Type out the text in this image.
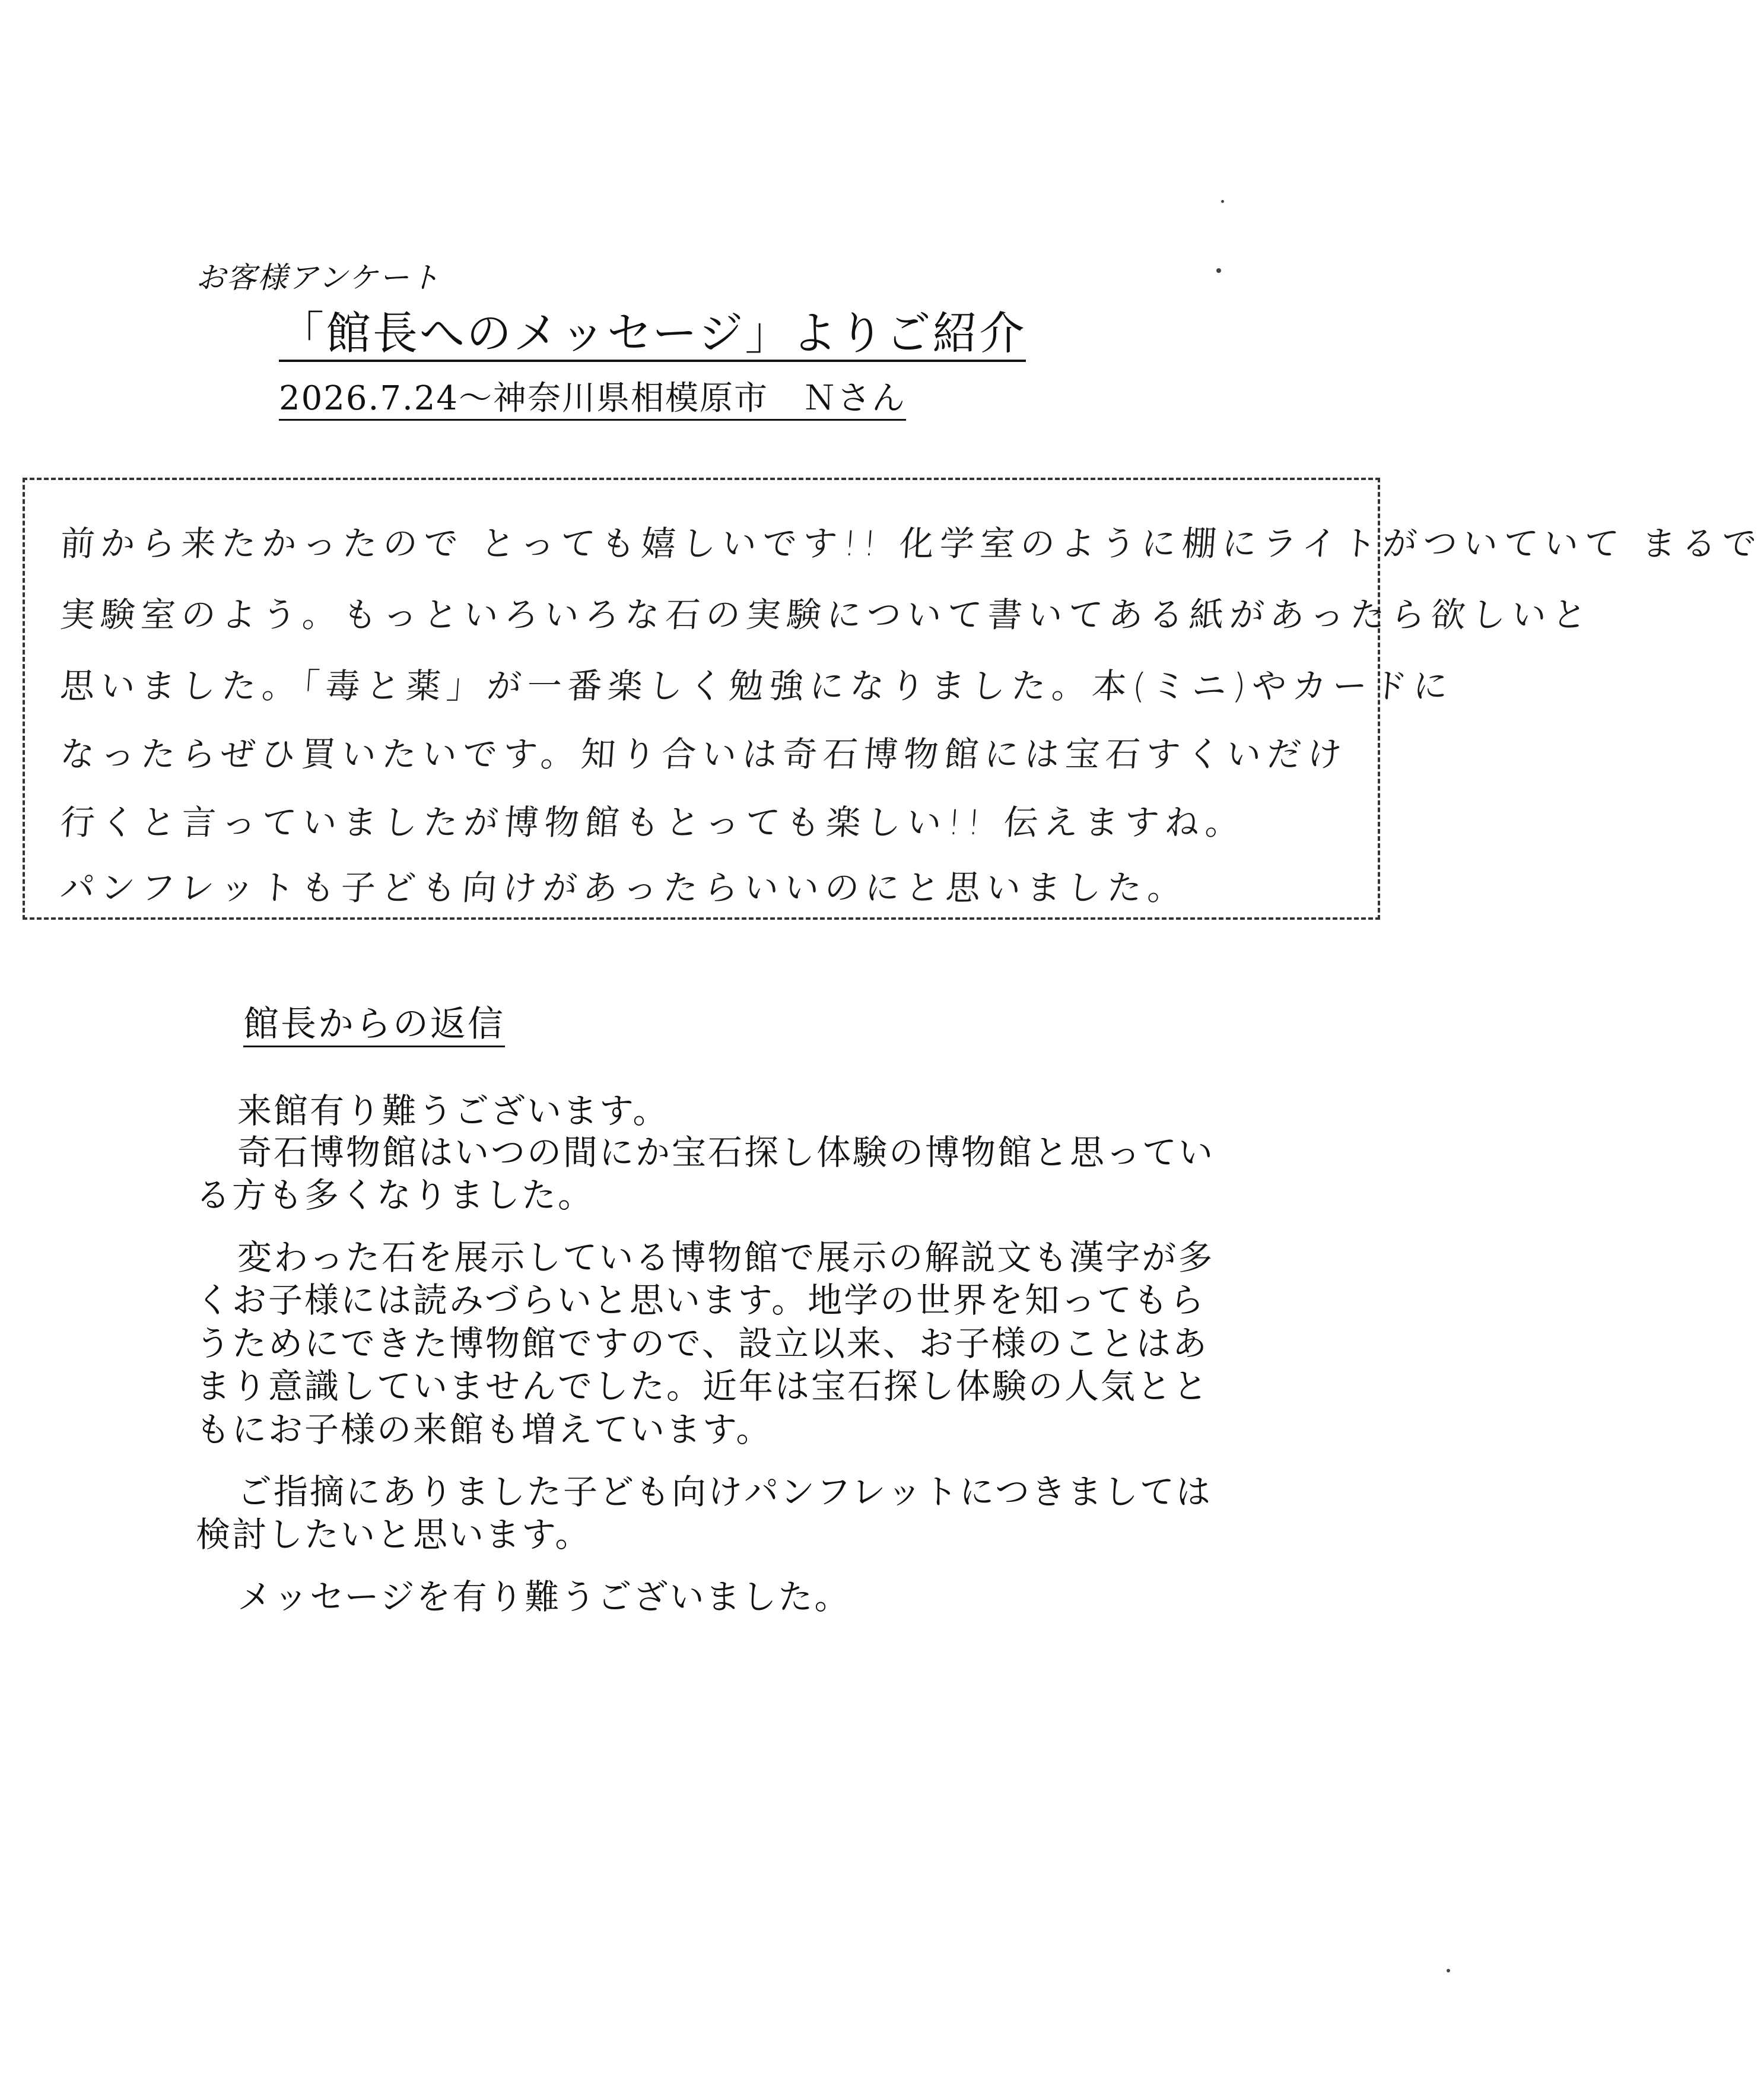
お客様アンケート
「館長へのメッセージ」よりご紹介
2026.7.24～神奈川県相模原市　Ｎさん
前から来たかったので とっても嬉しいです!! 化学室のように棚にライトがついていて まるで
実験室のよう。もっといろいろな石の実験について書いてある紙があったら欲しいと
思いました。「毒と薬」が一番楽しく勉強になりました。本(ミニ)やカードに
なったらぜひ買いたいです。知り合いは奇石博物館には宝石すくいだけ
行くと言っていましたが博物館もとっても楽しい!! 伝えますね。
パンフレットも子ども向けがあったらいいのにと思いました。
館長からの返信
来館有り難うございます。
奇石博物館はいつの間にか宝石探し体験の博物館と思ってい
る方も多くなりました。
変わった石を展示している博物館で展示の解説文も漢字が多
くお子様には読みづらいと思います。地学の世界を知ってもら
うためにできた博物館ですので、設立以来、お子様のことはあ
まり意識していませんでした。近年は宝石探し体験の人気とと
もにお子様の来館も増えています。
ご指摘にありました子ども向けパンフレットにつきましては
検討したいと思います。
メッセージを有り難うございました。
